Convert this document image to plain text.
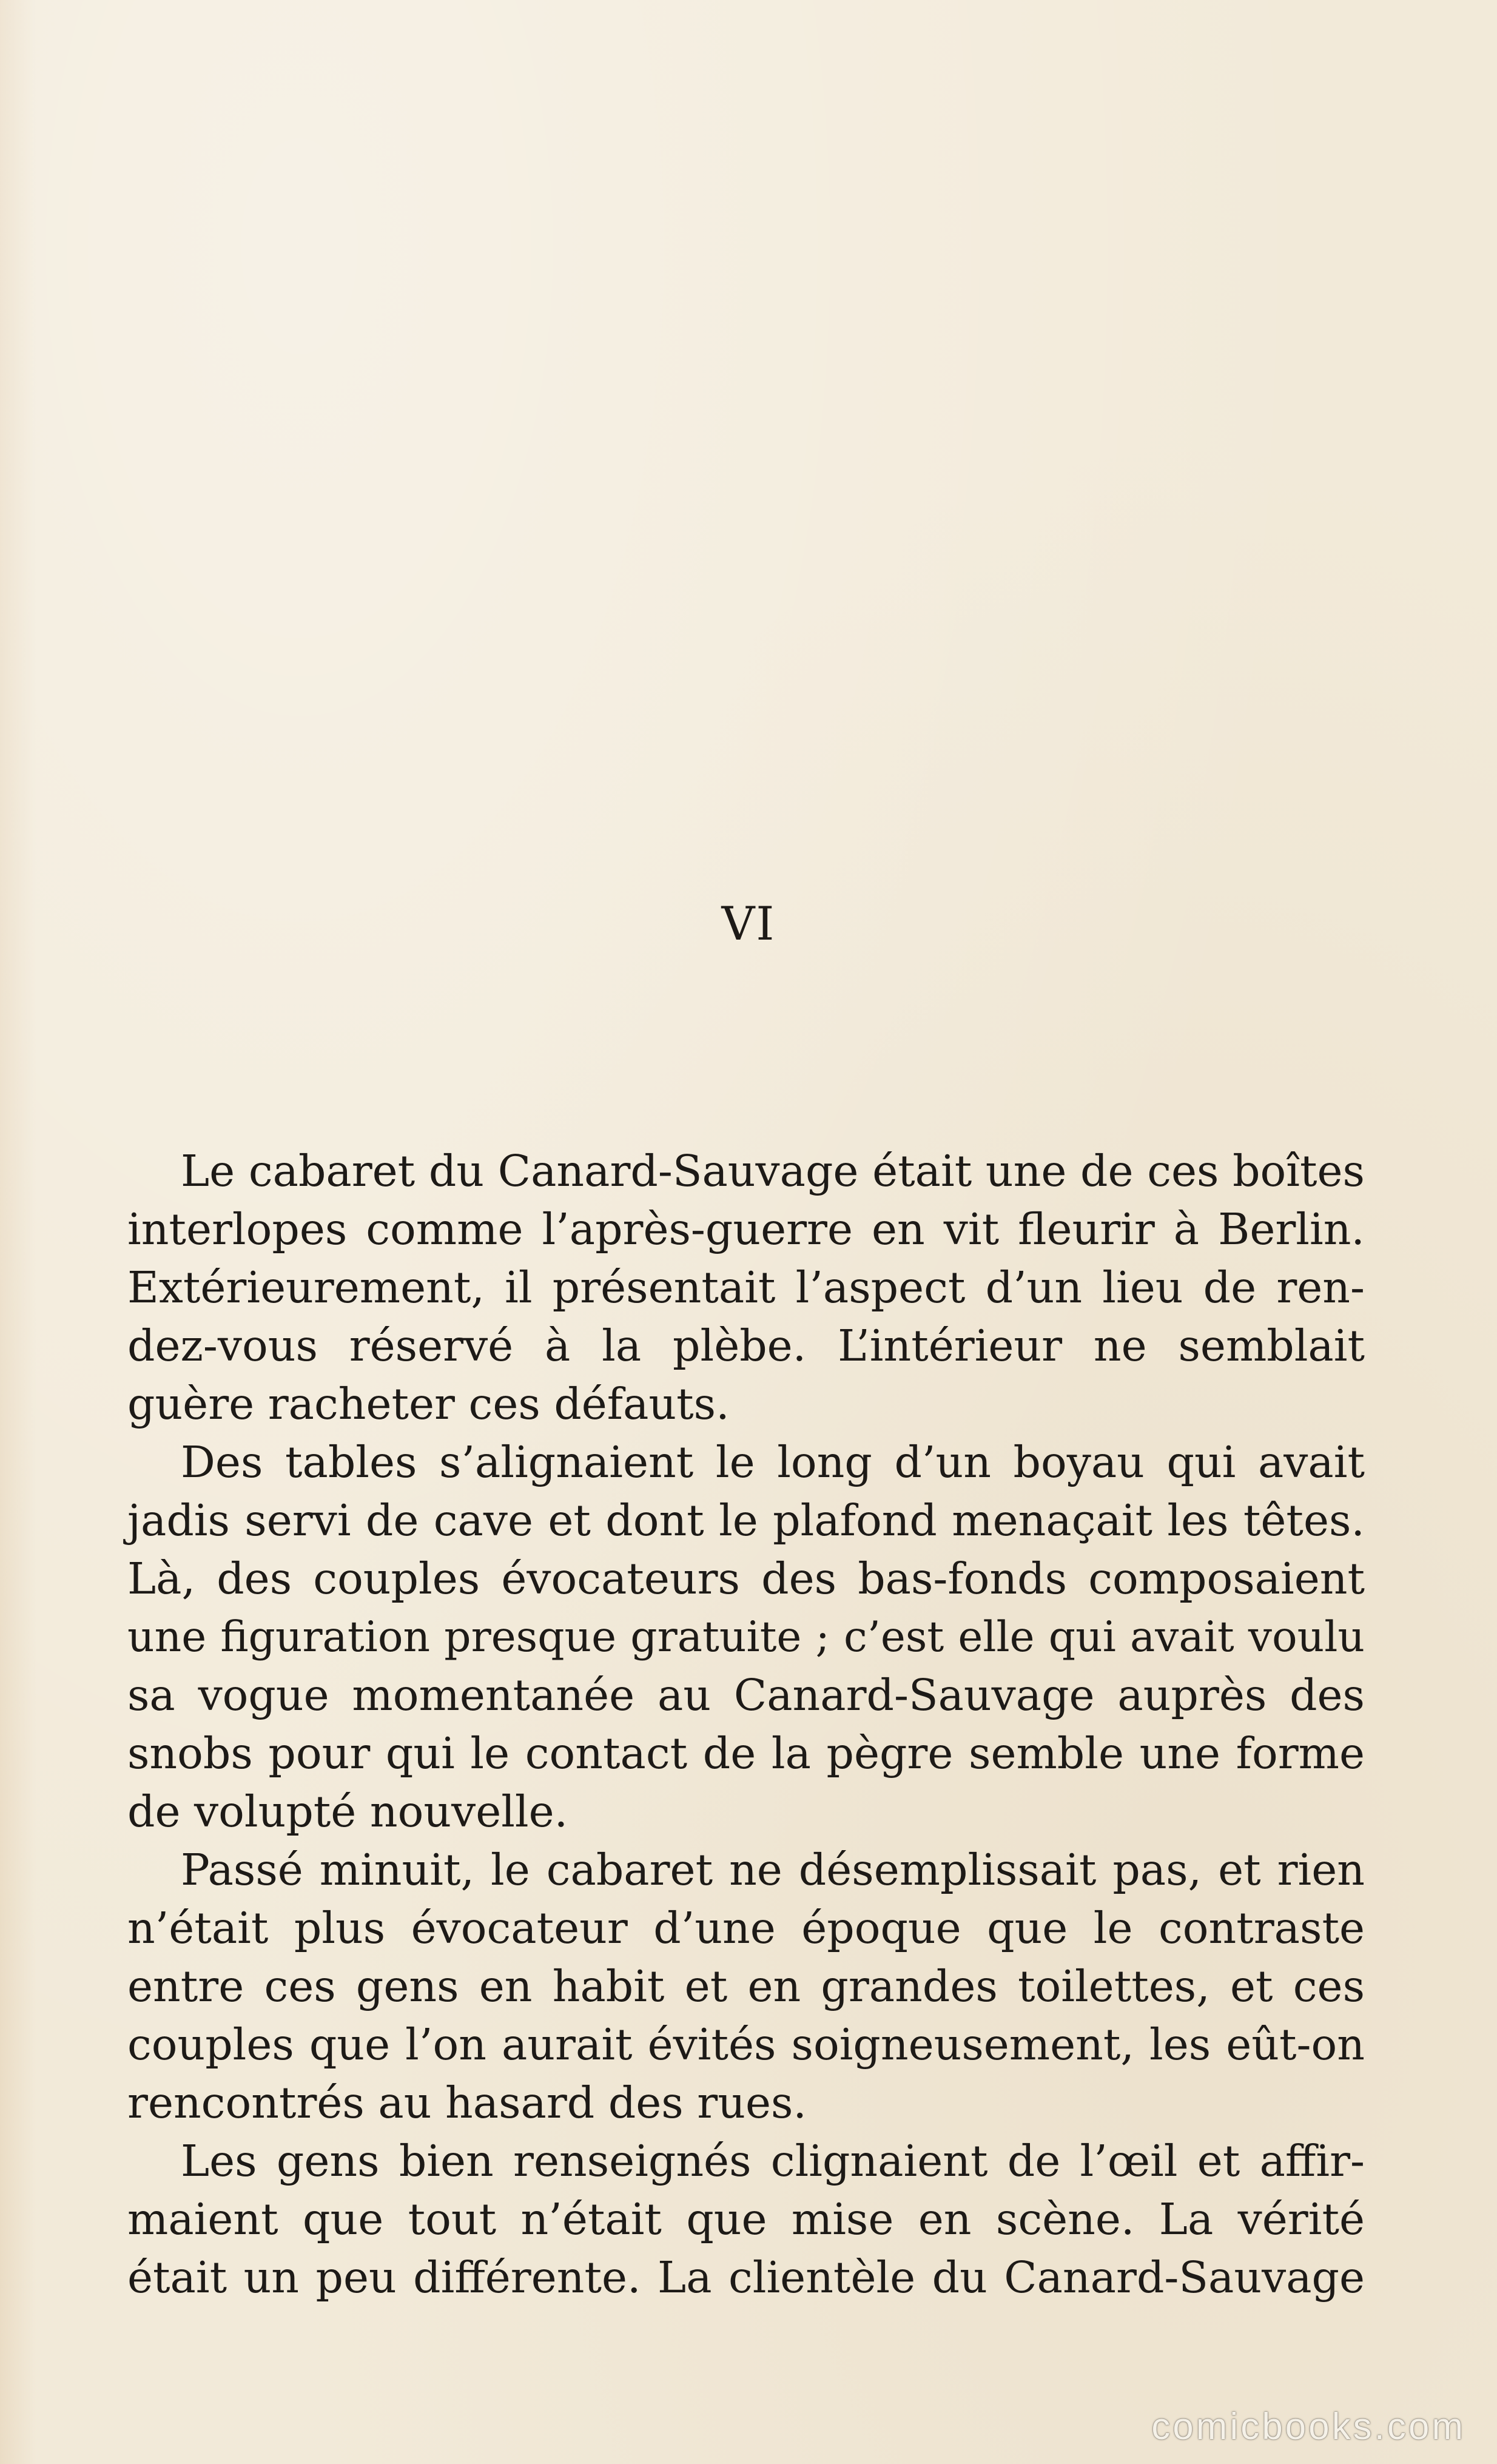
VI
Le cabaret du Canard-Sauvage était une de ces boîtes
interlopes comme l’après-guerre en vit fleurir à Berlin.
Extérieurement, il présentait l’aspect d’un lieu de ren-
dez-vous réservé à la plèbe. L’intérieur ne semblait
guère racheter ces défauts.
Des tables s’alignaient le long d’un boyau qui avait
jadis servi de cave et dont le plafond menaçait les têtes.
Là, des couples évocateurs des bas-fonds composaient
une figuration presque gratuite ; c’est elle qui avait voulu
sa vogue momentanée au Canard-Sauvage auprès des
snobs pour qui le contact de la pègre semble une forme
de volupté nouvelle.
Passé minuit, le cabaret ne désemplissait pas, et rien
n’était plus évocateur d’une époque que le contraste
entre ces gens en habit et en grandes toilettes, et ces
couples que l’on aurait évités soigneusement, les eût-on
rencontrés au hasard des rues.
Les gens bien renseignés clignaient de l’œil et affir-
maient que tout n’était que mise en scène. La vérité
était un peu différente. La clientèle du Canard-Sauvage
comicbooks.com
